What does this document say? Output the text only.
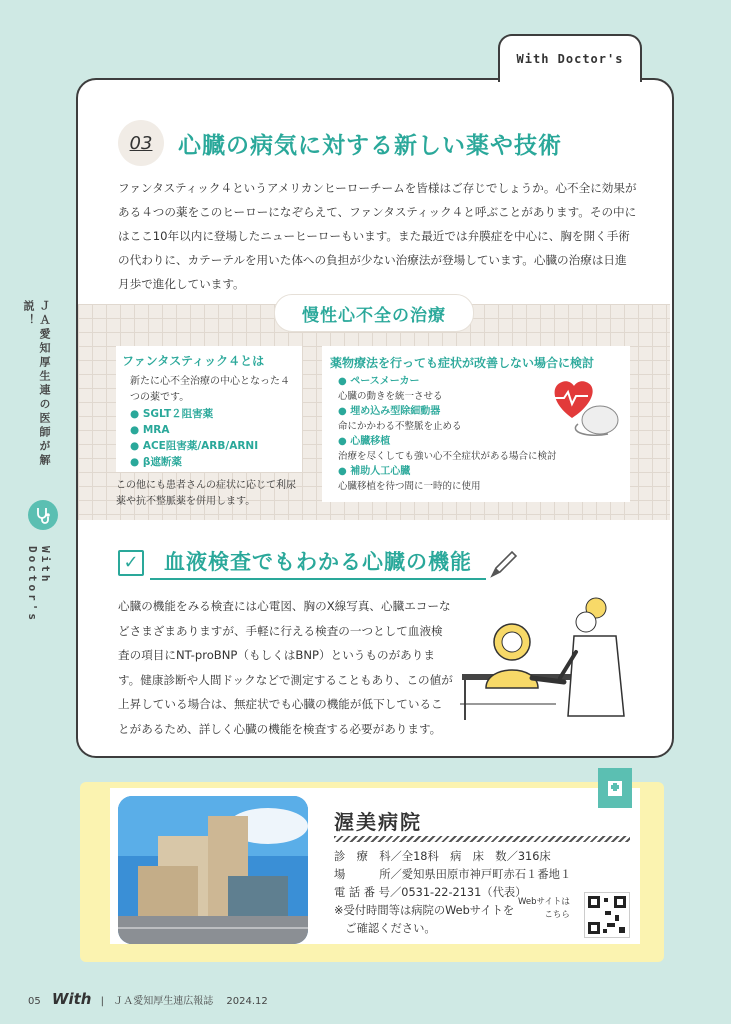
With Doctor's
ＪＡ愛知厚生連の医師が解説！
With Doctor's
03	心臓の病気に対する新しい薬や技術
ファンタスティック４というアメリカンヒーローチームを皆様はご存じでしょうか。心不全に効果がある４つの薬をこのヒーローになぞらえて、ファンタスティック４と呼ぶことがあります。その中にはここ10年以内に登場したニューヒーローもいます。また最近では弁膜症を中心に、胸を開く手術の代わりに、カテーテルを用いた体への負担が少ない治療法が登場しています。心臓の治療は日進月歩で進化しています。
慢性心不全の治療
ファンタスティック４とは
新たに心不全治療の中心となった４つの薬です。
● SGLT２阻害薬
● MRA
● ACE阻害薬/ARB/ARNI
● β遮断薬
この他にも患者さんの症状に応じて利尿薬や抗不整脈薬を併用します。
薬物療法を行っても症状が改善しない場合に検討
● ペースメーカー
心臓の動きを統一させる
● 埋め込み型除細動器
命にかかわる不整脈を止める
● 心臓移植
治療を尽くしても強い心不全症状がある場合に検討
● 補助人工心臓
心臓移植を待つ間に一時的に使用
✓ 血液検査でもわかる心臓の機能
心臓の機能をみる検査には心電図、胸のX線写真、心臓エコーなどさまざまありますが、手軽に行える検査の一つとして血液検査の項目にNT-proBNP（もしくはBNP）というものがあります。健康診断や人間ドックなどで測定することもあり、この値が上昇している場合は、無症状でも心臓の機能が低下していることがあるため、詳しく心臓の機能を検査する必要があります。
渥美病院
診　療　科／全18科　 病　床　数／316床
場　　　所／愛知県田原市神戸町赤石１番地１
電 話 番 号／0531-22-2131（代表）
※受付時間等は病院のWebサイトを
　ご確認ください。
Webサイトは
こちら
05 With | ＪＡ愛知厚生連広報誌 2024.12
